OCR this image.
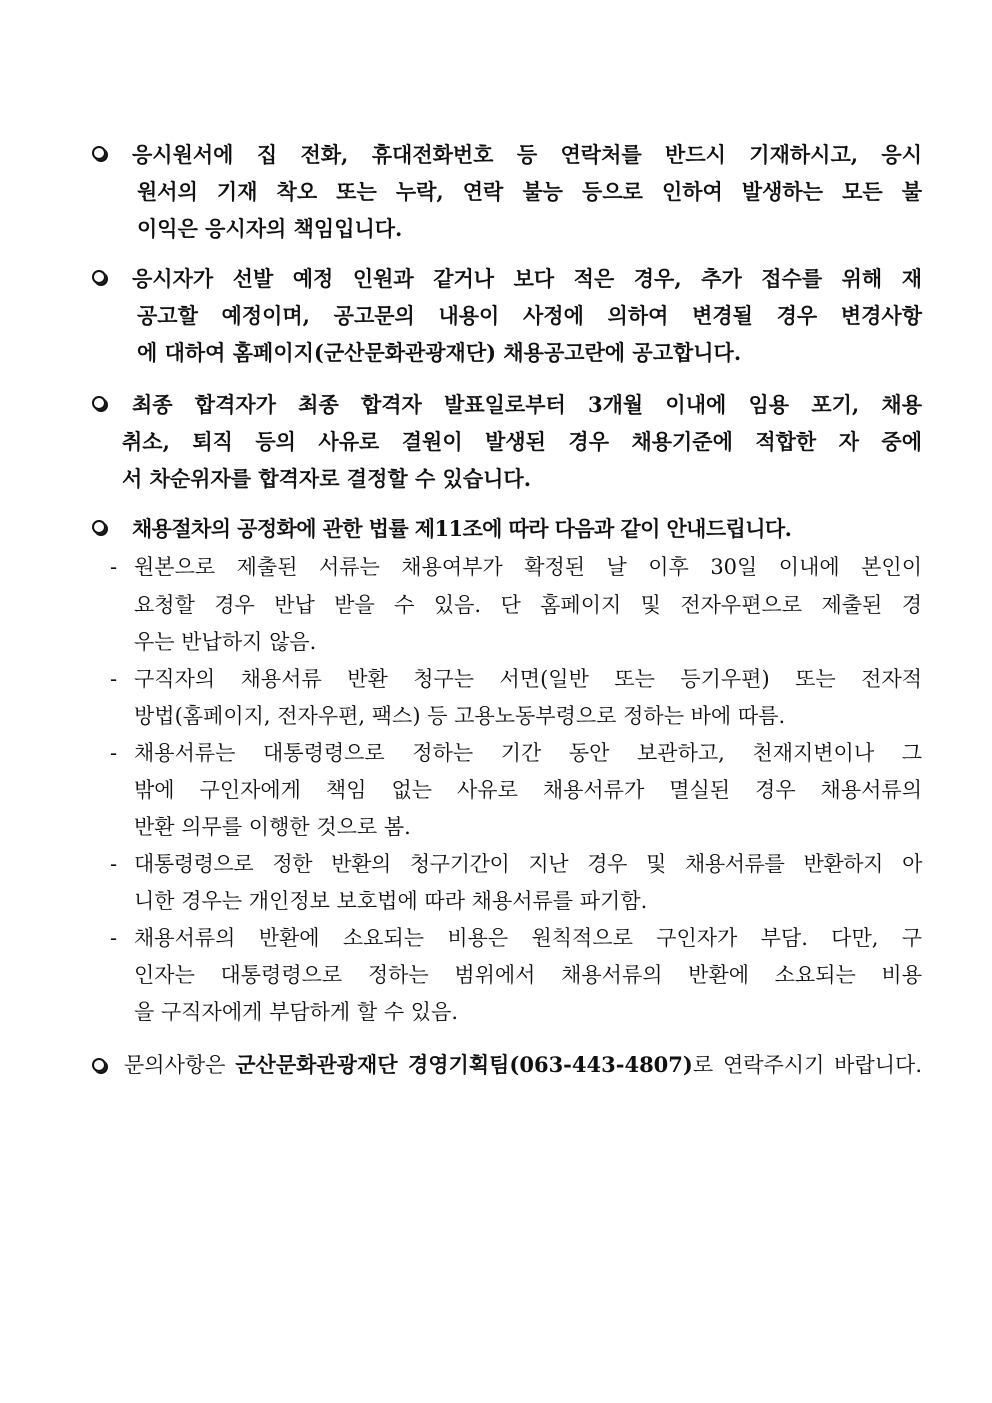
응시원서에 집 전화, 휴대전화번호 등 연락처를 반드시 기재하시고, 응시
원서의 기재 착오 또는 누락, 연락 불능 등으로 인하여 발생하는 모든 불
이익은 응시자의 책임입니다.
응시자가 선발 예정 인원과 같거나 보다 적은 경우, 추가 접수를 위해 재
공고할 예정이며, 공고문의 내용이 사정에 의하여 변경될 경우 변경사항
에 대하여 홈페이지(군산문화관광재단) 채용공고란에 공고합니다.
최종 합격자가 최종 합격자 발표일로부터 3개월 이내에 임용 포기, 채용
취소, 퇴직 등의 사유로 결원이 발생된 경우 채용기준에 적합한 자 중에
서 차순위자를 합격자로 결정할 수 있습니다.
채용절차의 공정화에 관한 법률 제11조에 따라 다음과 같이 안내드립니다.
- 원본으로 제출된 서류는 채용여부가 확정된 날 이후 30일 이내에 본인이
요청할 경우 반납 받을 수 있음. 단 홈페이지 및 전자우편으로 제출된 경
우는 반납하지 않음.
- 구직자의 채용서류 반환 청구는 서면(일반 또는 등기우편) 또는 전자적
방법(홈페이지, 전자우편, 팩스) 등 고용노동부령으로 정하는 바에 따름.
- 채용서류는 대통령령으로 정하는 기간 동안 보관하고, 천재지변이나 그
밖에 구인자에게 책임 없는 사유로 채용서류가 멸실된 경우 채용서류의
반환 의무를 이행한 것으로 봄.
- 대통령령으로 정한 반환의 청구기간이 지난 경우 및 채용서류를 반환하지 아
니한 경우는 개인정보 보호법에 따라 채용서류를 파기함.
- 채용서류의 반환에 소요되는 비용은 원칙적으로 구인자가 부담. 다만, 구
인자는 대통령령으로 정하는 범위에서 채용서류의 반환에 소요되는 비용
을 구직자에게 부담하게 할 수 있음.
문의사항은 군산문화관광재단 경영기획팀(063-443-4807)로 연락주시기 바랍니다.
